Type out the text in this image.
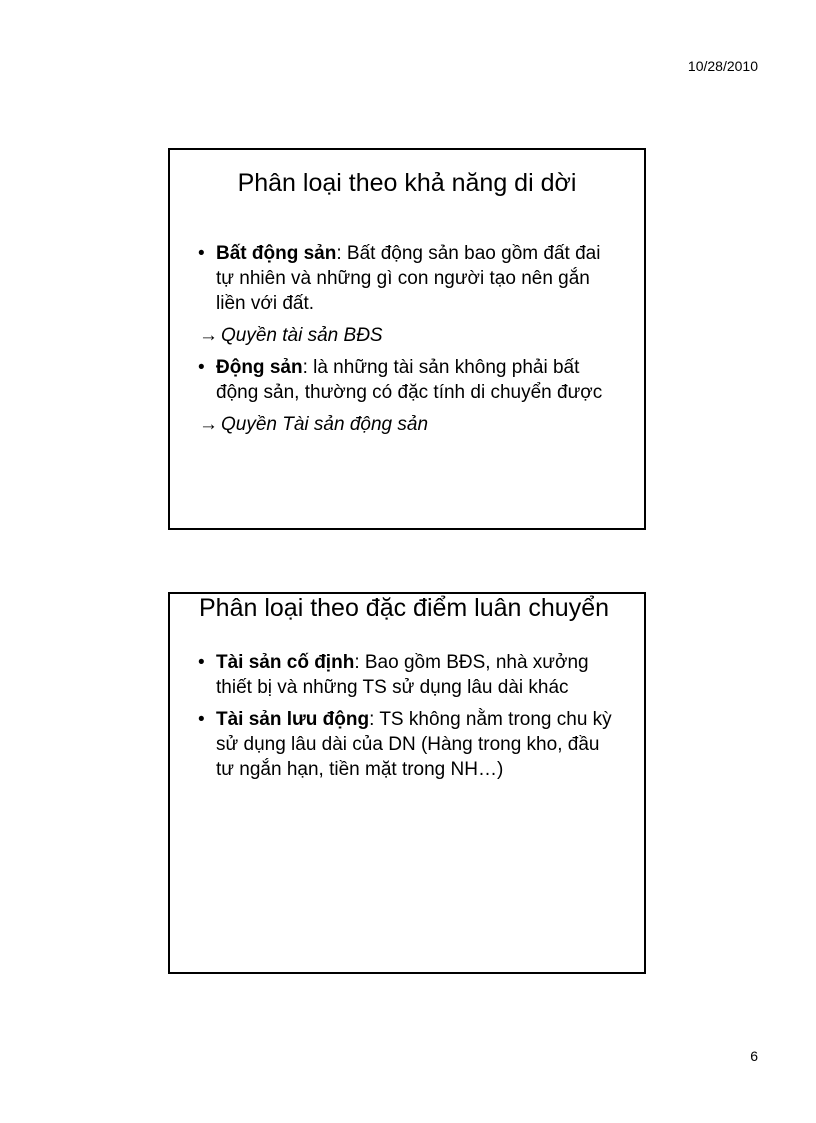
10/28/2010
Phân loại theo khả năng di dời
• Bất động sản: Bất động sản bao gồm đất đai tự nhiên và những gì con người tạo nên gắn liền với đất.
→ Quyền tài sản BĐS
• Động sản: là những tài sản không phải bất động sản, thường có đặc tính di chuyển được
→ Quyền Tài sản động sản
Phân loại theo đặc điểm luân chuyển
• Tài sản cố định: Bao gồm BĐS, nhà xưởng thiết bị và những TS sử dụng lâu dài khác
• Tài sản lưu động: TS không nằm trong chu kỳ sử dụng lâu dài của DN (Hàng trong kho, đầu tư ngắn hạn, tiền mặt trong NH…)
6
